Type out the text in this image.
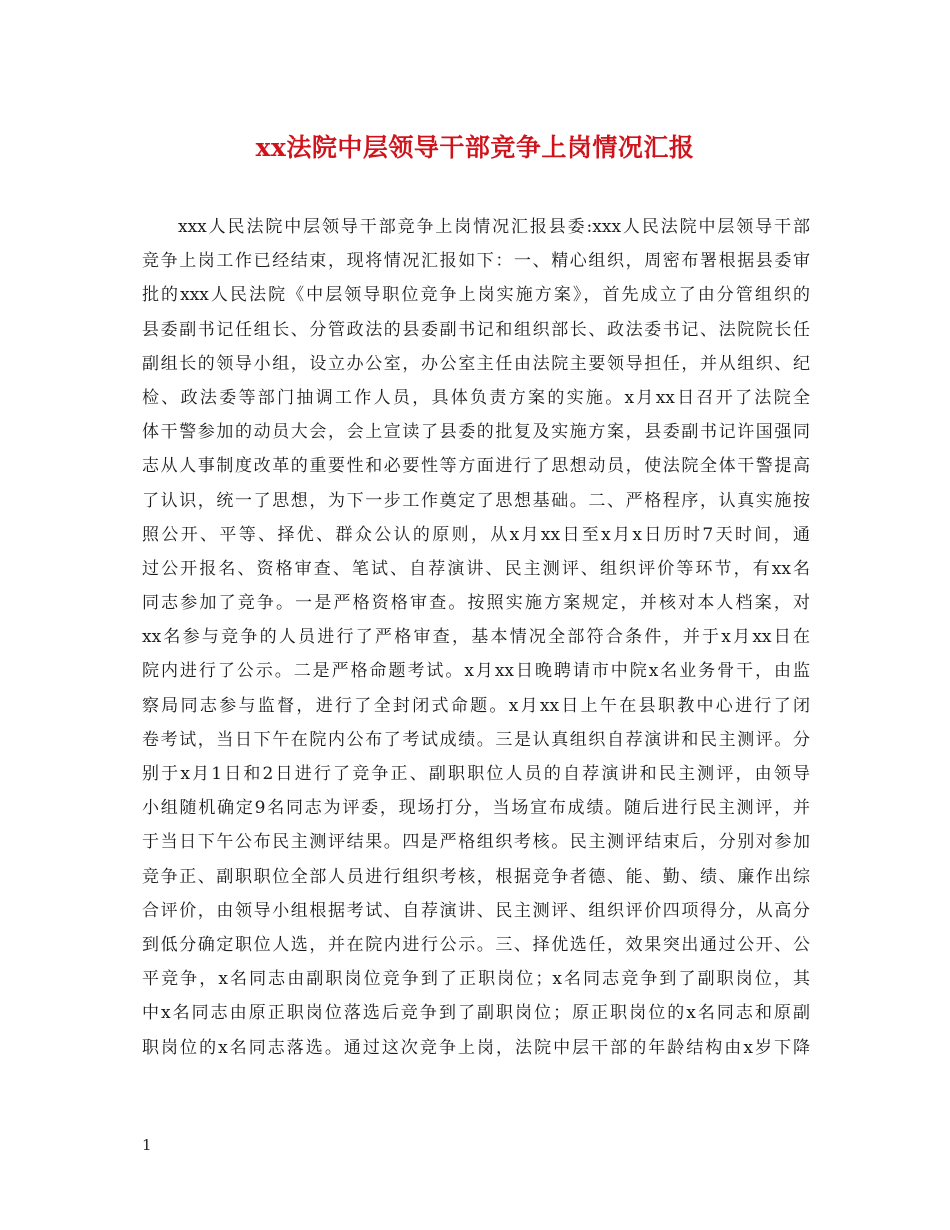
xx法院中层领导干部竞争上岗情况汇报
xxx人民法院中层领导干部竞争上岗情况汇报县委:xxx人民法院中层领导干部
竞争上岗工作已经结束，现将情况汇报如下：一、精心组织，周密布署根据县委审
批的xxx人民法院《中层领导职位竞争上岗实施方案》，首先成立了由分管组织的
县委副书记任组长、分管政法的县委副书记和组织部长、政法委书记、法院院长任
副组长的领导小组，设立办公室，办公室主任由法院主要领导担任，并从组织、纪
检、政法委等部门抽调工作人员，具体负责方案的实施。x月xx日召开了法院全
体干警参加的动员大会，会上宣读了县委的批复及实施方案，县委副书记许国强同
志从人事制度改革的重要性和必要性等方面进行了思想动员，使法院全体干警提高
了认识，统一了思想，为下一步工作奠定了思想基础。二、严格程序，认真实施按
照公开、平等、择优、群众公认的原则，从x月xx日至x月x日历时7天时间，通
过公开报名、资格审查、笔试、自荐演讲、民主测评、组织评价等环节，有xx名
同志参加了竞争。一是严格资格审查。按照实施方案规定，并核对本人档案，对
xx名参与竞争的人员进行了严格审查，基本情况全部符合条件，并于x月xx日在
院内进行了公示。二是严格命题考试。x月xx日晚聘请市中院x名业务骨干，由监
察局同志参与监督，进行了全封闭式命题。x月xx日上午在县职教中心进行了闭
卷考试，当日下午在院内公布了考试成绩。三是认真组织自荐演讲和民主测评。分
别于x月1日和2日进行了竞争正、副职职位人员的自荐演讲和民主测评，由领导
小组随机确定9名同志为评委，现场打分，当场宣布成绩。随后进行民主测评，并
于当日下午公布民主测评结果。四是严格组织考核。民主测评结束后，分别对参加
竞争正、副职职位全部人员进行组织考核，根据竞争者德、能、勤、绩、廉作出综
合评价，由领导小组根据考试、自荐演讲、民主测评、组织评价四项得分，从高分
到低分确定职位人选，并在院内进行公示。三、择优选任，效果突出通过公开、公
平竞争，x名同志由副职岗位竞争到了正职岗位；x名同志竞争到了副职岗位，其
中x名同志由原正职岗位落选后竞争到了副职岗位；原正职岗位的x名同志和原副
职岗位的x名同志落选。通过这次竞争上岗，法院中层干部的年龄结构由x岁下降
1
